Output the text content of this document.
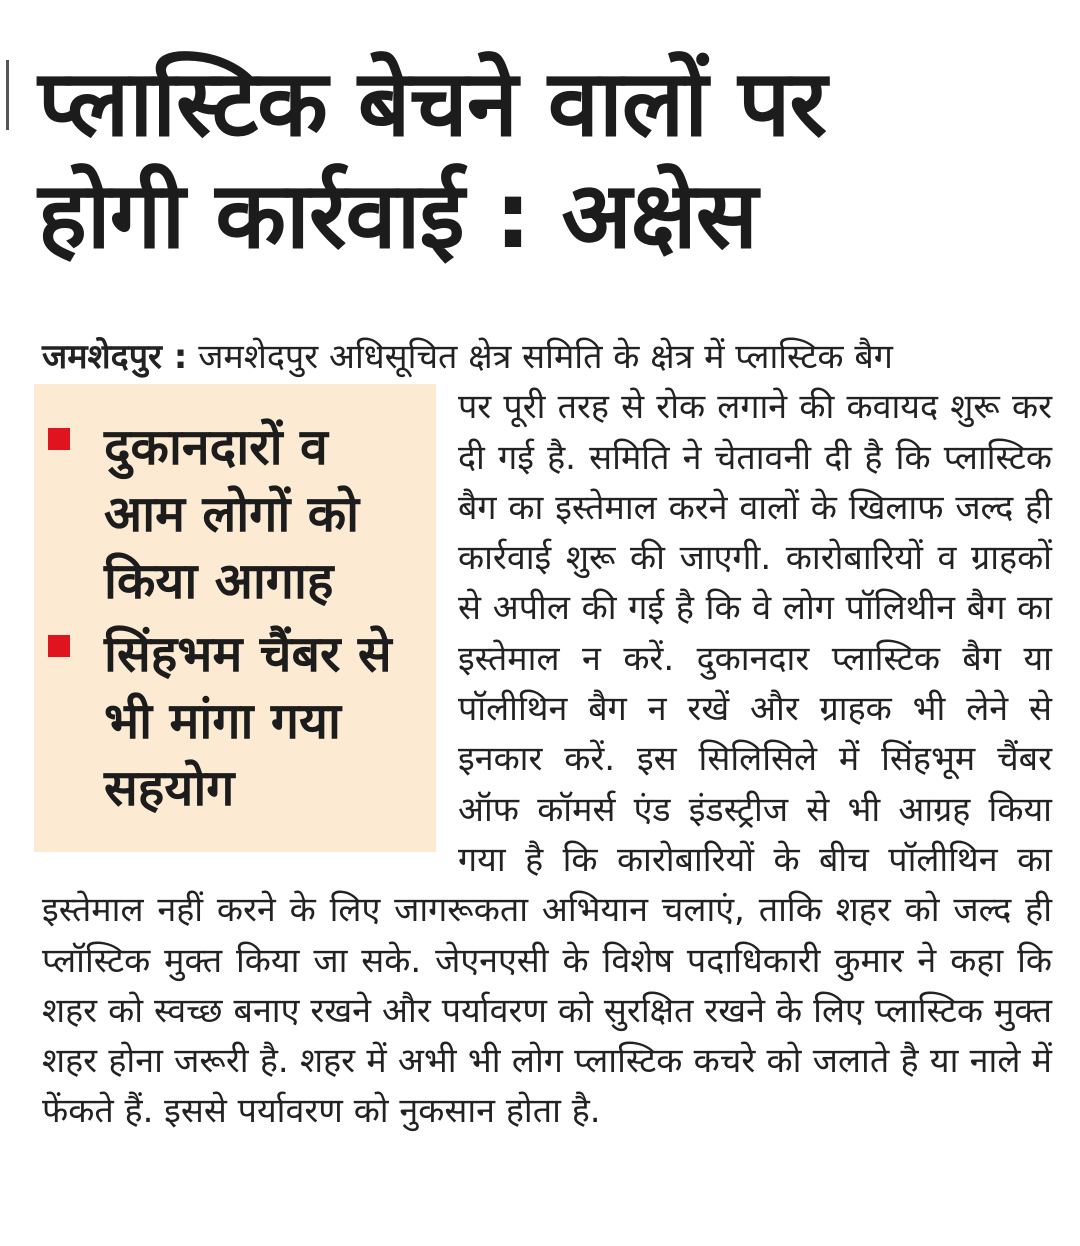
प्लास्टिक बेचने वालों पर
होगी कार्रवाई : अक्षेस

जमशेदपुर : जमशेदपुर अधिसूचित क्षेत्र समिति के क्षेत्र में प्लास्टिक बैग

दुकानदारों व आम लोगों को किया आगाह
सिंहभम चैंबर से भी मांगा गया सहयोग

पर पूरी तरह से रोक लगाने की कवायद शुरू कर दी गई है. समिति ने चेतावनी दी है कि प्लास्टिक बैग का इस्तेमाल करने वालों के खिलाफ जल्द ही कार्रवाई शुरू की जाएगी. कारोबारियों व ग्राहकों से अपील की गई है कि वे लोग पॉलिथीन बैग का इस्तेमाल न करें. दुकानदार प्लास्टिक बैग या पॉलीथिन बैग न रखें और ग्राहक भी लेने से इनकार करें. इस सिलिसिले में सिंहभूम चैंबर ऑफ कॉमर्स एंड इंडस्ट्रीज से भी आग्रह किया गया है कि कारोबारियों के बीच पॉलीथिन का इस्तेमाल नहीं करने के लिए जागरूकता अभियान चलाएं, ताकि शहर को जल्द ही प्लॉस्टिक मुक्त किया जा सके. जेएनएसी के विशेष पदाधिकारी कुमार ने कहा कि शहर को स्वच्छ बनाए रखने और पर्यावरण को सुरक्षित रखने के लिए प्लास्टिक मुक्त शहर होना जरूरी है. शहर में अभी भी लोग प्लास्टिक कचरे को जलाते है या नाले में फेंकते हैं. इससे पर्यावरण को नुकसान होता है.
